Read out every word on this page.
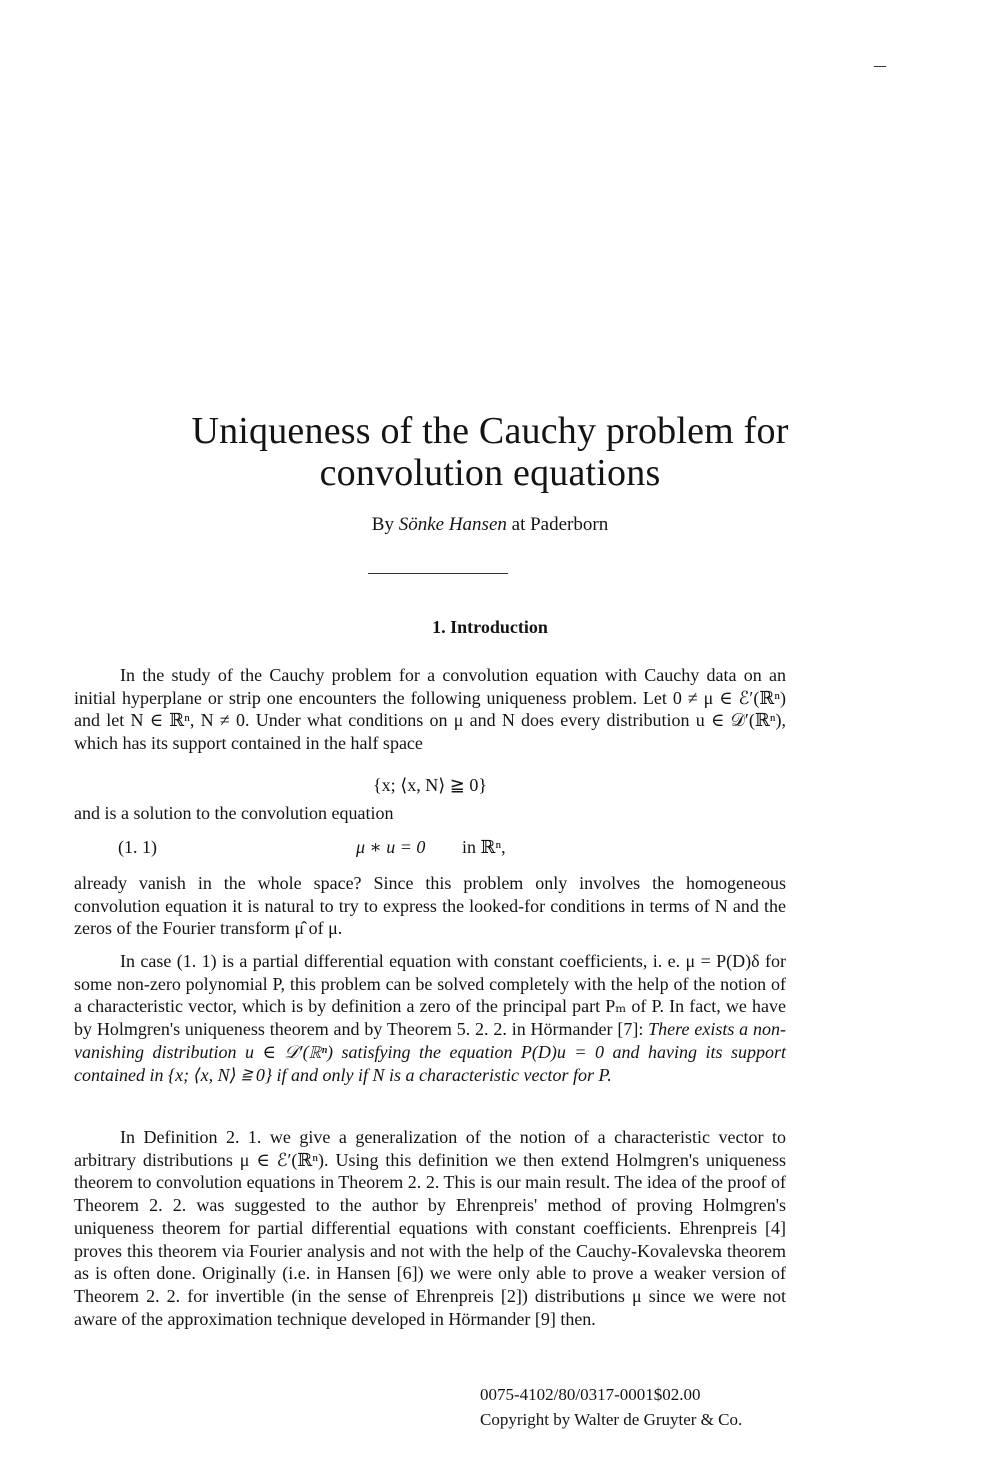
Uniqueness of the Cauchy problem for
convolution equations
By Sönke Hansen at Paderborn
1. Introduction

In the study of the Cauchy problem for a convolution equation with Cauchy data on an initial hyperplane or strip one encounters the following uniqueness problem. Let 0 ≠ μ ∈ ℰ′(ℝⁿ) and let N ∈ ℝⁿ, N ≠ 0. Under what conditions on μ and N does every distribution u ∈ 𝒟′(ℝⁿ), which has its support contained in the half space

{x; ⟨x, N⟩ ≧ 0}

and is a solution to the convolution equation

(1. 1)	μ ∗ u = 0 in ℝⁿ,

already vanish in the whole space? Since this problem only involves the homogeneous convolution equation it is natural to try to express the looked-for conditions in terms of N and the zeros of the Fourier transform μ̂ of μ.

In case (1. 1) is a partial differential equation with constant coefficients, i. e. μ = P(D)δ for some non-zero polynomial P, this problem can be solved completely with the help of the notion of a characteristic vector, which is by definition a zero of the principal part Pₘ of P. In fact, we have by Holmgren's uniqueness theorem and by Theorem 5. 2. 2. in Hörmander [7]: There exists a non-vanishing distribution u ∈ 𝒟′(ℝⁿ) satisfying the equation P(D)u = 0 and having its support contained in {x; ⟨x, N⟩ ≧ 0} if and only if N is a characteristic vector for P.

In Definition 2. 1. we give a generalization of the notion of a characteristic vector to arbitrary distributions μ ∈ ℰ′(ℝⁿ). Using this definition we then extend Holmgren's uniqueness theorem to convolution equations in Theorem 2. 2. This is our main result. The idea of the proof of Theorem 2. 2. was suggested to the author by Ehrenpreis' method of proving Holmgren's uniqueness theorem for partial differential equations with constant coefficients. Ehrenpreis [4] proves this theorem via Fourier analysis and not with the help of the Cauchy-Kovalevska theorem as is often done. Originally (i.e. in Hansen [6]) we were only able to prove a weaker version of Theorem 2. 2. for invertible (in the sense of Ehrenpreis [2]) distributions μ since we were not aware of the approximation technique developed in Hörmander [9] then.

0075-4102/80/0317-0001$02.00
Copyright by Walter de Gruyter & Co.
